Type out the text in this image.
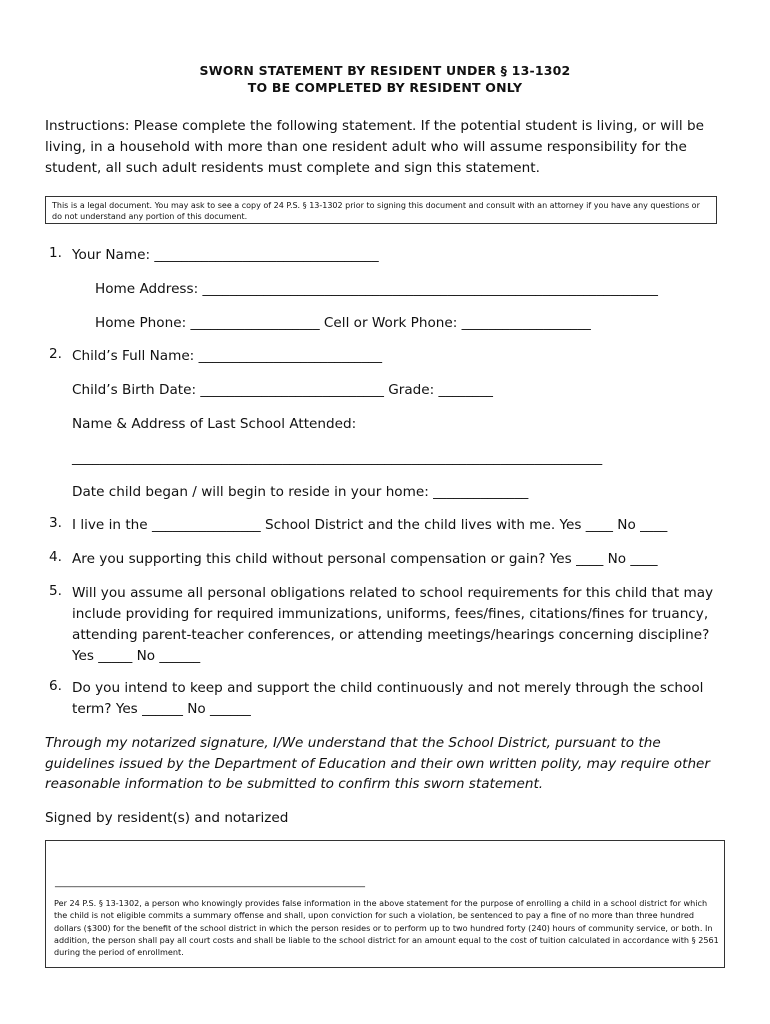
SWORN STATEMENT BY RESIDENT UNDER § 13-1302
TO BE COMPLETED BY RESIDENT ONLY
Instructions: Please complete the following statement. If the potential student is living, or will be living, in a household with more than one resident adult who will assume responsibility for the student, all such adult residents must complete and sign this statement.
This is a legal document. You may ask to see a copy of 24 P.S. § 13-1302 prior to signing this document and consult with an attorney if you have any questions or do not understand any portion of this document.
1. Your Name: _________________________________
Home Address: ___________________________________________________________________
Home Phone: ___________________ Cell or Work Phone: ___________________
2. Child’s Full Name: ___________________________
Child’s Birth Date: ___________________________ Grade: ________
Name & Address of Last School Attended:
______________________________________________________________________________
Date child began / will begin to reside in your home: ______________
3. I live in the ________________ School District and the child lives with me. Yes ____ No ____
4. Are you supporting this child without personal compensation or gain? Yes ____ No ____
5. Will you assume all personal obligations related to school requirements for this child that may
include providing for required immunizations, uniforms, fees/fines, citations/fines for truancy,
attending parent-teacher conferences, or attending meetings/hearings concerning discipline?
Yes _____ No ______
6. Do you intend to keep and support the child continuously and not merely through the school
term? Yes ______ No ______
Through my notarized signature, I/We understand that the School District, pursuant to the
guidelines issued by the Department of Education and their own written polity, may require other
reasonable information to be submitted to confirm this sworn statement.
Signed by resident(s) and notarized
______________________________________________________________
Per 24 P.S. § 13-1302, a person who knowingly provides false information in the above statement for the purpose of enrolling a child in a school district for which the child is not eligible commits a summary offense and shall, upon conviction for such a violation, be sentenced to pay a fine of no more than three hundred dollars ($300) for the benefit of the school district in which the person resides or to perform up to two hundred forty (240) hours of community service, or both. In addition, the person shall pay all court costs and shall be liable to the school district for an amount equal to the cost of tuition calculated in accordance with § 2561 during the period of enrollment.
